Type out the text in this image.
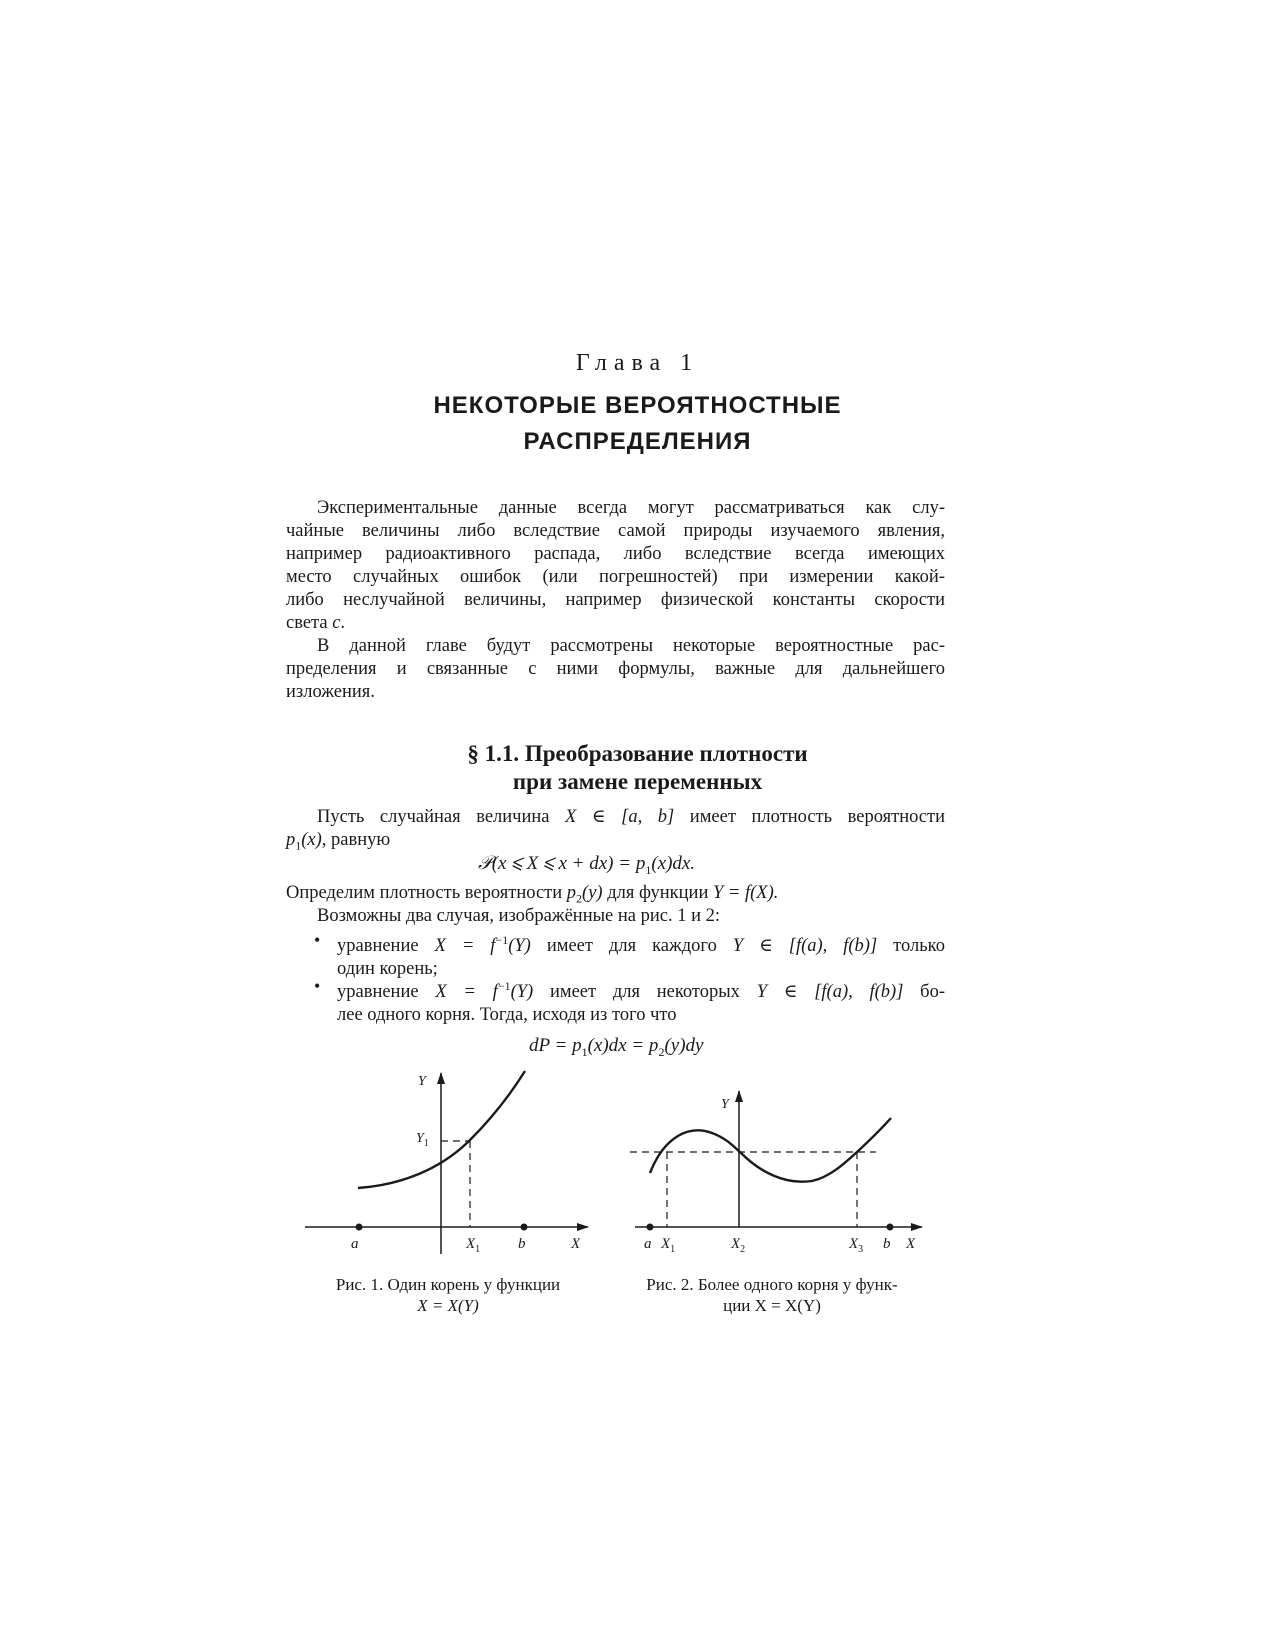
Глава 1
НЕКОТОРЫЕ ВЕРОЯТНОСТНЫЕ
РАСПРЕДЕЛЕНИЯ
Экспериментальные данные всегда могут рассматриваться как слу-
чайные величины либо вследствие самой природы изучаемого явления,
например радиоактивного распада, либо вследствие всегда имеющих
место случайных ошибок (или погрешностей) при измерении какой-
либо неслучайной величины, например физической константы скорости
света c.
В данной главе будут рассмотрены некоторые вероятностные рас-
пределения и связанные с ними формулы, важные для дальнейшего
изложения.
§ 1.1. Преобразование плотности
при замене переменных
Пусть случайная величина X ∈ [a, b] имеет плотность вероятности
$p_1(x)$, равную
𝒫(x ⩽ X ⩽ $x + dx) = p_1(x)dx$.
Определим плотность вероятности $p_2(y)$ для функции Y = f(X).
Возможны два случая, изображённые на рис. 1 и 2:
• уравнение $X = f^{-1}(Y)$ имеет для каждого Y ∈ [f(a), f(b)] только
один корень;
• уравнение $X = f^{-1}(Y)$ имеет для некоторых Y ∈ [f(a), f(b)] бо-
лее одного корня. Тогда, исходя из того что
dP = $p_1(x)dx = p_2(y)dy$
Y
$Y_1$
a	$X_1$	b	X
Y
a $X_1$	$X_2$	$X_3$ b X
Рис. 1. Один корень у функции
X = X(Y)
Рис. 2. Более одного корня у функ-
ции X = X(Y)
